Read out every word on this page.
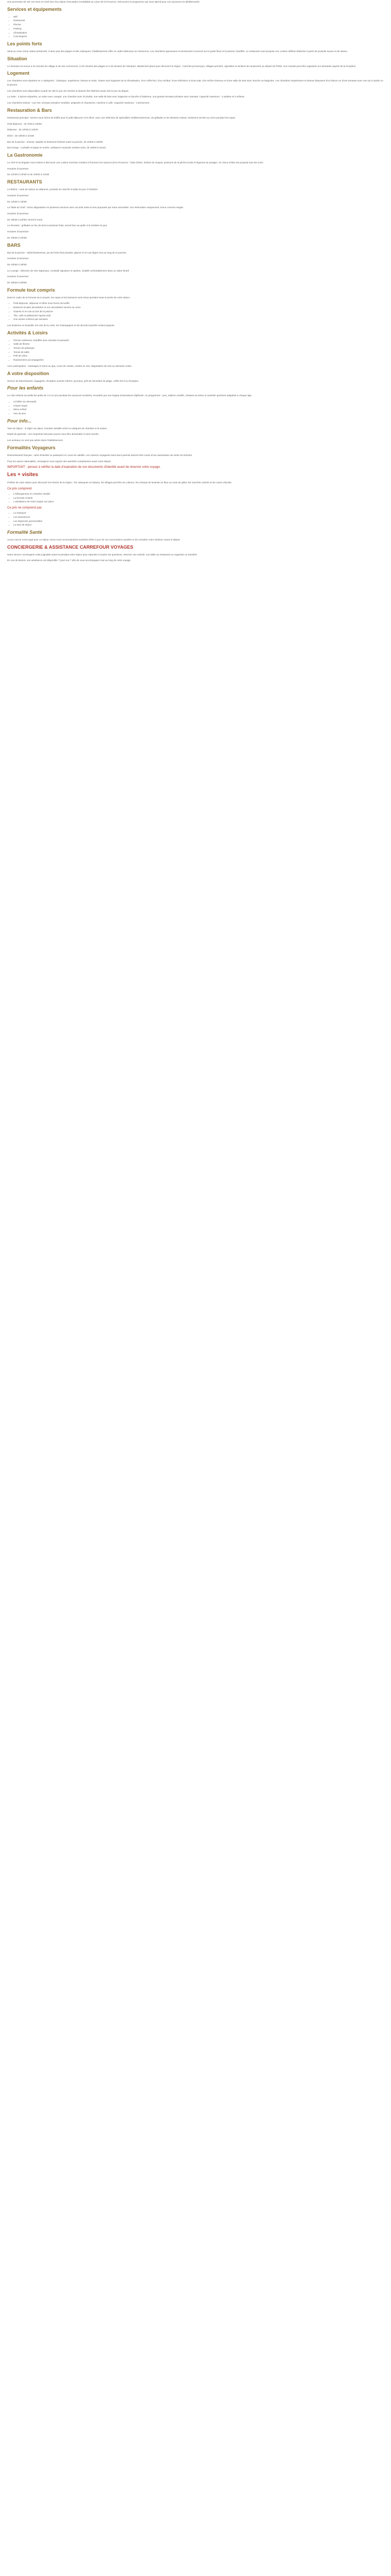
Une promesse de voir vos sens en éveil lors d'un séjour d'exception inoubliable au cœur de la Provence. Découvrez le programme qui vous attend pour vos vacances en Méditerranée.

Services et équipements
• Wifi
• Restaurant
• Piscine
• Parking
• Climatisation
• Conciergerie
Les points forts

Situé au cœur d'une nature préservée, à deux pas des plages et des calanques, l'établissement offre un cadre idéal pour se ressourcer. Les chambres spacieuses et lumineuses s'ouvrent sur le jardin fleuri et la piscine chauffée. Le restaurant vous propose une cuisine raffinée élaborée à partir de produits locaux et de saison.

Situation

Le domaine se trouve à 10 minutes du village et de ses commerces, à 20 minutes des plages et à 45 minutes de l'aéroport. Idéalement placé pour découvrir la région : marchés provençaux, villages perchés, vignobles et sentiers de randonnée au départ de l'hôtel. Une navette peut être organisée sur demande auprès de la réception.

Logement

Les chambres sont réparties en 4 catégories : Classique, Supérieure, Deluxe et Suite. Toutes sont équipées de la climatisation, d'un coffre-fort, d'un minibar, d'une télévision à écran plat, d'un sèche-cheveux et d'une salle de bain avec douche ou baignoire. Les chambres Supérieures et Deluxe disposent d'un balcon ou d'une terrasse avec vue sur le jardin ou la piscine.

Les chambres sont disponibles à partir de 15h le jour de l'arrivée et doivent être libérées avant 11h le jour du départ.

La Suite : 2 pièces séparées, un salon avec canapé, une chambre avec lit double, une salle de bain avec baignoire et douche à l'italienne, une grande terrasse privative avec transats. Capacité maximum : 2 adultes et 2 enfants.

Les chambres Deluxe : vue mer, terrasse privative meublée, peignoirs et chaussons, machine à café. Capacité maximum : 3 personnes.

Restauration & Bars

Restaurant principal : service sous forme de buffet pour le petit-déjeuner et le dîner, avec une sélection de spécialités méditerranéennes, de grillades et de desserts maison. Boissons servies au verre pendant les repas.

Petit-déjeuner : de 7h30 à 10h00

Déjeuner : de 12h30 à 14h30

Dîner : de 19h30 à 21h30

Bar de la piscine : snacks, salades et boissons fraîches toute la journée, de 10h00 à 19h00.

Bar lounge : cocktails et tapas en soirée, ambiance musicale certains soirs, de 18h00 à minuit.

La Gastronomie

Le chef et sa brigade vous invitent à découvrir une cuisine inventive mettant à l'honneur les saveurs de la Provence : huile d'olive, herbes du maquis, poissons de la pêche locale et légumes du potager. Un menu enfant est proposé tous les soirs.

Horaires d'ouverture

De 12h30 à 14h30 et de 19h30 à 21h30

RESTAURANTS

Le Bistrot : carte de saison au déjeuner, produits du marché et plats du jour à l'ardoise.

Horaires d'ouverture

De 12h00 à 15h00

La Table du Chef : menu dégustation en plusieurs services avec accords mets et vins proposés par notre sommelier. Sur réservation uniquement, tenue correcte exigée.

Horaires d'ouverture

De 19h30 à 22h00, fermé le lundi

La Terrasse : grillades au feu de bois et poissons frais, servis face au jardin à la tombée du jour.

Horaires d'ouverture

De 19h00 à 22h00

BARS

Bar de la piscine : rafraîchissements, jus de fruits frais pressés, glaces et en-cas légers tout au long de la journée.

Horaires d'ouverture

De 10h00 à 19h00

Le Lounge : sélection de vins régionaux, cocktails signature et spiritus, installé confortablement dans un salon feutré.

Horaires d'ouverture

De 18h00 à 00h00

Formule tout compris

Dans le cadre de la formule tout compris, les repas et les boissons sont inclus pendant toute la durée de votre séjour :

• Petit-déjeuner, déjeuner et dîner sous forme de buffet
• Boissons locales alcoolisées et non alcoolisées servies au verre
• Snacks et en-cas au bar de la piscine
• Thé, café et pâtisseries l'après-midi
• Une soirée à thème par semaine

Les boissons en bouteille, les vins de la carte, les champagnes et les alcools importés restent payants.

Activités & Loisirs
• Piscine extérieure chauffée avec transats et parasols
• Salle de fitness
• Terrain de pétanque
• Tennis de table
• Prêt de vélos
• Randonnées accompagnées

Avec participation : massages et soins au spa, cours de cuisine, sorties en mer, dégustation de vins au domaine voisin.

A votre disposition

Service de blanchisserie, bagagerie, réception ouverte 24h/24, journaux, prêt de serviettes de plage, coffre-fort à la réception.

Pour les enfants

Le club enfants accueille les petits de 4 à 12 ans pendant les vacances scolaires, encadrés par une équipe d'animateurs diplômés. Au programme : jeux, ateliers créatifs, chasses au trésor et activités sportives adaptées à chaque âge.

• Lit bébé sur demande
• Chaise haute
• Menu enfant
• Aire de jeux
Pour info...

Taxe de séjour : à régler sur place, montant variable selon la catégorie de chambre et la saison.

Dépôt de garantie : une empreinte bancaire pourra vous être demandée à votre arrivée.

Les animaux ne sont pas admis dans l'établissement.

Formalités Voyageurs

Ressortissants français : carte d'identité ou passeport en cours de validité. Les mineurs voyageant sans leurs parents doivent être munis d'une autorisation de sortie du territoire.

Pour les autres nationalités, renseignez-vous auprès des autorités compétentes avant votre départ.

IMPORTANT : pensez à vérifier la date d'expiration de vos documents d'identité avant de réserver votre voyage.
Les + visites

Profitez de votre séjour pour découvrir les trésors de la région : les calanques en bateau, les villages perchés du Luberon, les champs de lavande en fleur au mois de juillet, les marchés colorés et les caves viticoles.

Ce prix comprend
• L'hébergement en chambre double
• La formule choisie
• L'assistance de notre équipe sur place
Ce prix ne comprend pas
• Le transport
• Les assurances
• Les dépenses personnelles
• La taxe de séjour
Formalité Santé

Aucun vaccin n'est exigé pour ce séjour. Nous vous recommandons toutefois d'être à jour de vos vaccinations usuelles et de consulter votre médecin avant le départ.

CONCIERGERIE & ASSISTANCE CARREFOUR VOYAGES

Notre service conciergerie reste joignable avant et pendant votre séjour pour répondre à toutes vos questions, réserver une activité, une table au restaurant ou organiser un transfert.

En cas de besoin, une assistance est disponible 7 jours sur 7 afin de vous accompagner tout au long de votre voyage.
